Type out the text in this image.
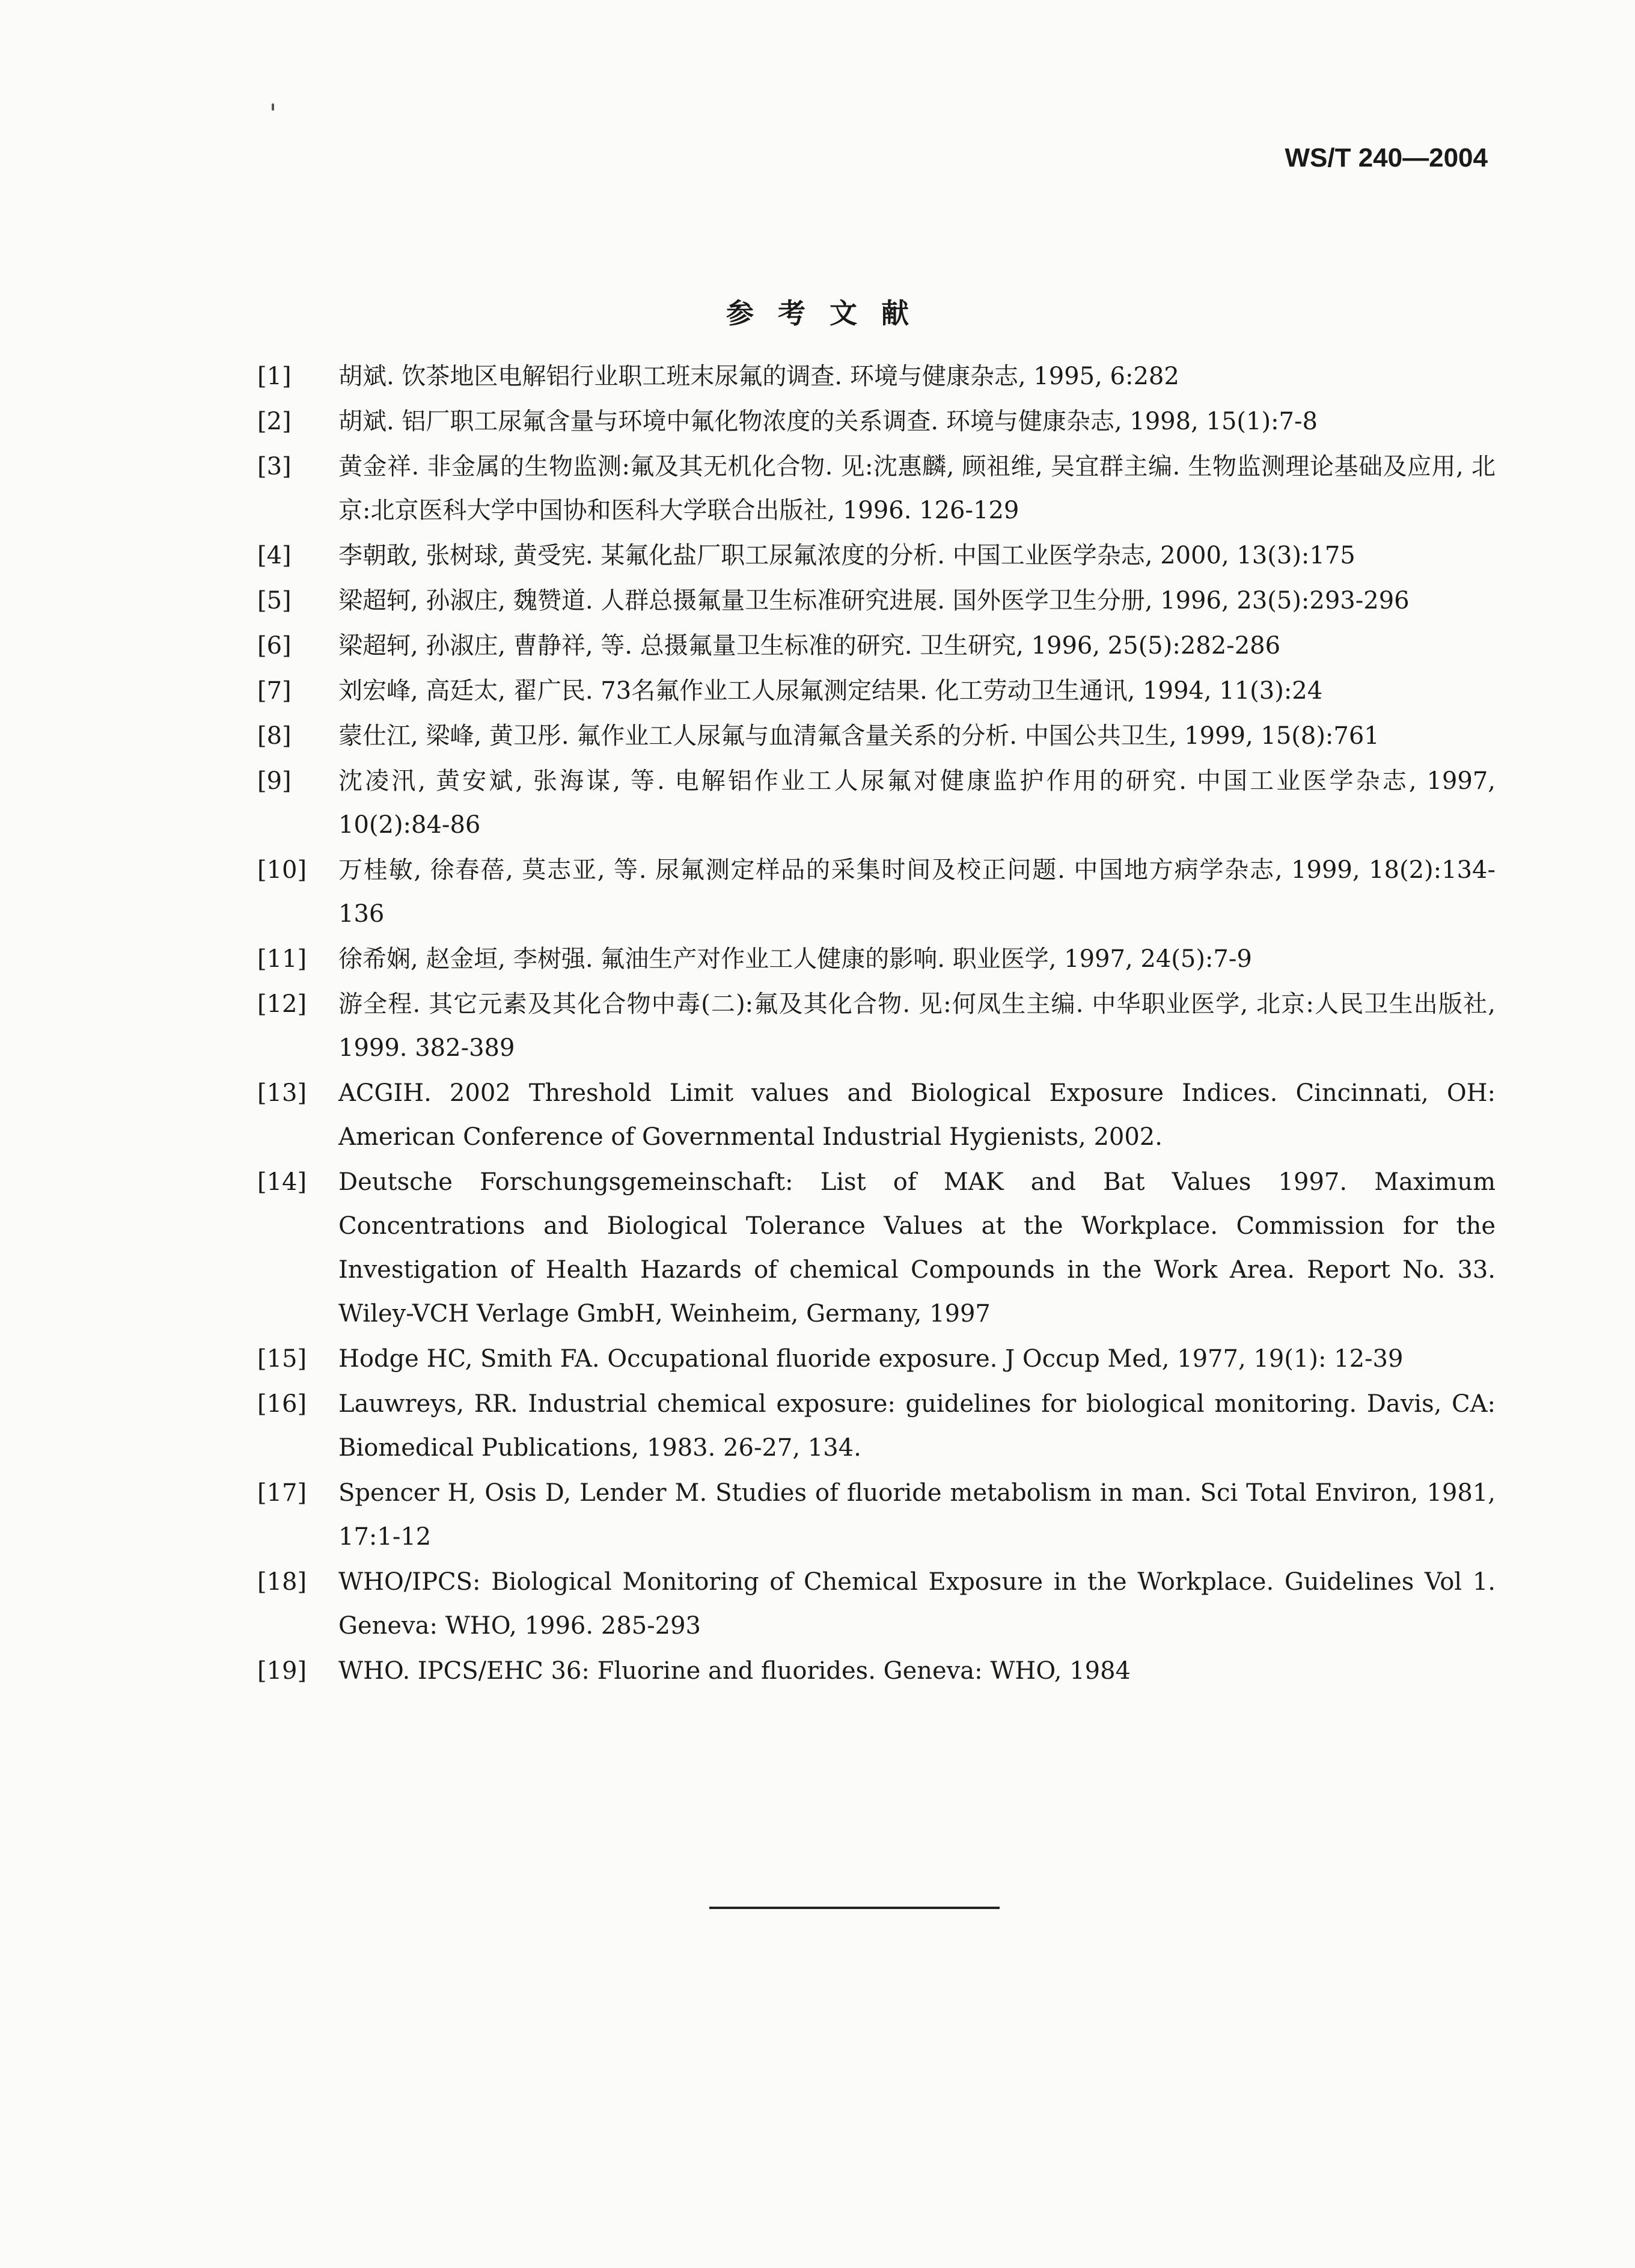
WS/T 240—2004
参考文献
[1] 胡斌. 饮茶地区电解铝行业职工班末尿氟的调查. 环境与健康杂志, 1995, 6:282
[2] 胡斌. 铝厂职工尿氟含量与环境中氟化物浓度的关系调查. 环境与健康杂志, 1998, 15(1):7-8
[3] 黄金祥. 非金属的生物监测:氟及其无机化合物. 见:沈惠麟, 顾祖维, 吴宜群主编. 生物监测理论基础及应用, 北京:北京医科大学中国协和医科大学联合出版社, 1996. 126-129
[4] 李朝敢, 张树球, 黄受宪. 某氟化盐厂职工尿氟浓度的分析. 中国工业医学杂志, 2000, 13(3):175
[5] 梁超轲, 孙淑庄, 魏赞道. 人群总摄氟量卫生标准研究进展. 国外医学卫生分册, 1996, 23(5):293-296
[6] 梁超轲, 孙淑庄, 曹静祥, 等. 总摄氟量卫生标准的研究. 卫生研究, 1996, 25(5):282-286
[7] 刘宏峰, 高廷太, 翟广民. 73名氟作业工人尿氟测定结果. 化工劳动卫生通讯, 1994, 11(3):24
[8] 蒙仕江, 梁峰, 黄卫彤. 氟作业工人尿氟与血清氟含量关系的分析. 中国公共卫生, 1999, 15(8):761
[9] 沈凌汛, 黄安斌, 张海谋, 等. 电解铝作业工人尿氟对健康监护作用的研究. 中国工业医学杂志, 1997, 10(2):84-86
[10] 万桂敏, 徐春蓓, 莫志亚, 等. 尿氟测定样品的采集时间及校正问题. 中国地方病学杂志, 1999, 18(2):134-136
[11] 徐希娴, 赵金垣, 李树强. 氟油生产对作业工人健康的影响. 职业医学, 1997, 24(5):7-9
[12] 游全程. 其它元素及其化合物中毒(二):氟及其化合物. 见:何凤生主编. 中华职业医学, 北京:人民卫生出版社, 1999. 382-389
[13] ACGIH. 2002 Threshold Limit values and Biological Exposure Indices. Cincinnati, OH: American Conference of Governmental Industrial Hygienists, 2002.
[14] Deutsche Forschungsgemeinschaft: List of MAK and Bat Values 1997. Maximum Concentrations and Biological Tolerance Values at the Workplace. Commission for the Investigation of Health Hazards of chemical Compounds in the Work Area. Report No. 33. Wiley-VCH Verlage GmbH, Weinheim, Germany, 1997
[15] Hodge HC, Smith FA. Occupational fluoride exposure. J Occup Med, 1977, 19(1): 12-39
[16] Lauwreys, RR. Industrial chemical exposure: guidelines for biological monitoring. Davis, CA: Biomedical Publications, 1983. 26-27, 134.
[17] Spencer H, Osis D, Lender M. Studies of fluoride metabolism in man. Sci Total Environ, 1981, 17:1-12
[18] WHO/IPCS: Biological Monitoring of Chemical Exposure in the Workplace. Guidelines Vol 1. Geneva: WHO, 1996. 285-293
[19] WHO. IPCS/EHC 36: Fluorine and fluorides. Geneva: WHO, 1984
